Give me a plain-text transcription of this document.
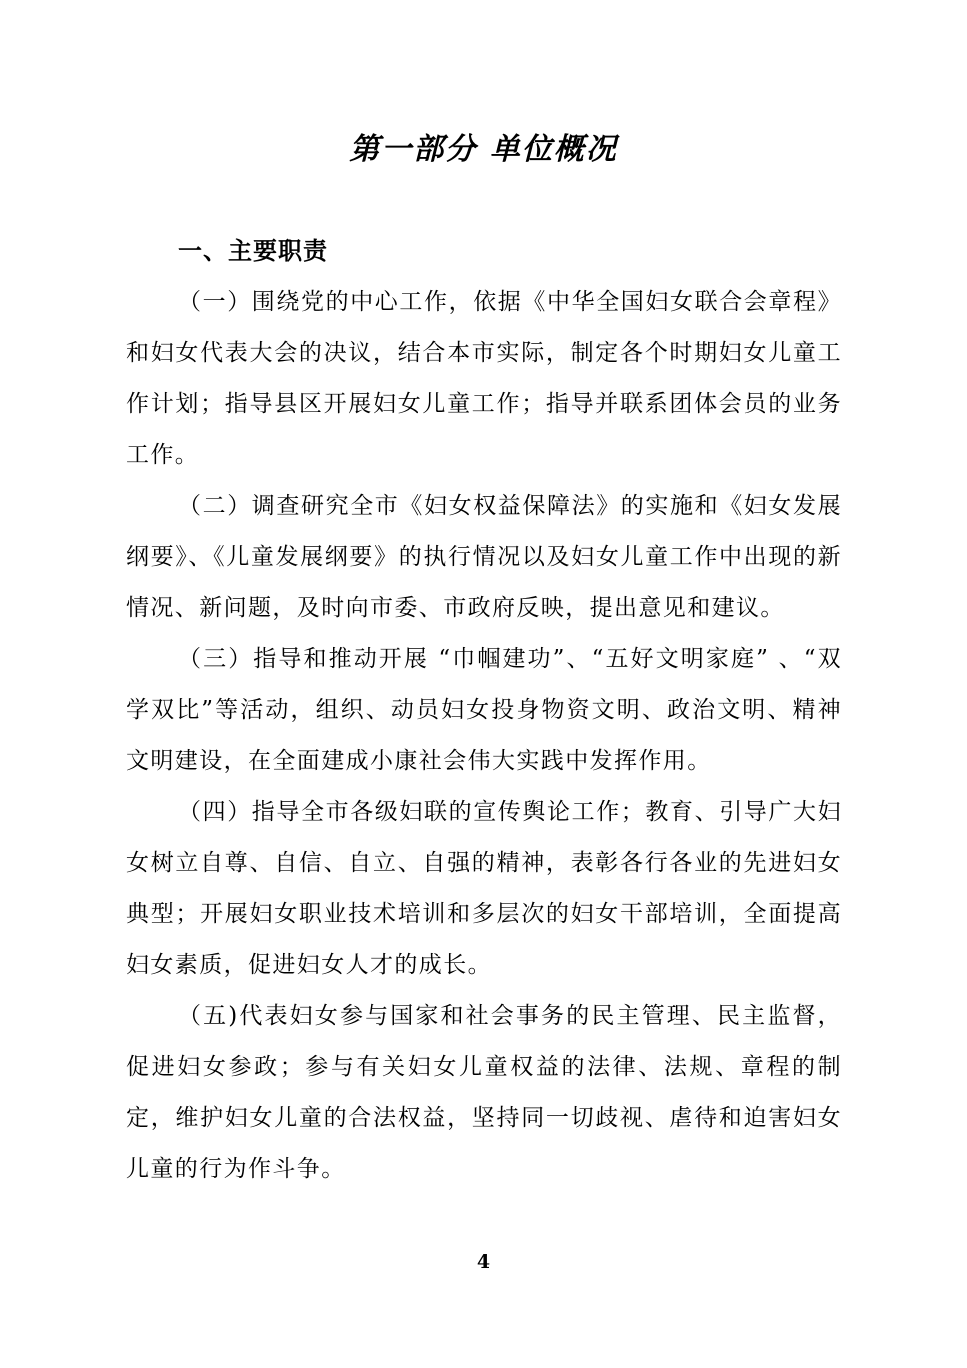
第一部分 单位概况
一、主要职责

（一）围绕党的中心工作，依据《中华全国妇女联合会章程》和妇女代表大会的决议，结合本市实际，制定各个时期妇女儿童工作计划；指导县区开展妇女儿童工作；指导并联系团体会员的业务工作。

（二）调查研究全市《妇女权益保障法》的实施和《妇女发展纲要》、《儿童发展纲要》的执行情况以及妇女儿童工作中出现的新情况、新问题，及时向市委、市政府反映，提出意见和建议。

（三）指导和推动开展 “巾帼建功”、“五好文明家庭” 、“双学双比”等活动，组织、动员妇女投身物资文明、政治文明、精神文明建设，在全面建成小康社会伟大实践中发挥作用。

（四）指导全市各级妇联的宣传舆论工作；教育、引导广大妇女树立自尊、自信、自立、自强的精神，表彰各行各业的先进妇女典型；开展妇女职业技术培训和多层次的妇女干部培训，全面提高妇女素质，促进妇女人才的成长。

（五)代表妇女参与国家和社会事务的民主管理、民主监督，促进妇女参政；参与有关妇女儿童权益的法律、法规、章程的制定，维护妇女儿童的合法权益，坚持同一切歧视、虐待和迫害妇女儿童的行为作斗争。

4
